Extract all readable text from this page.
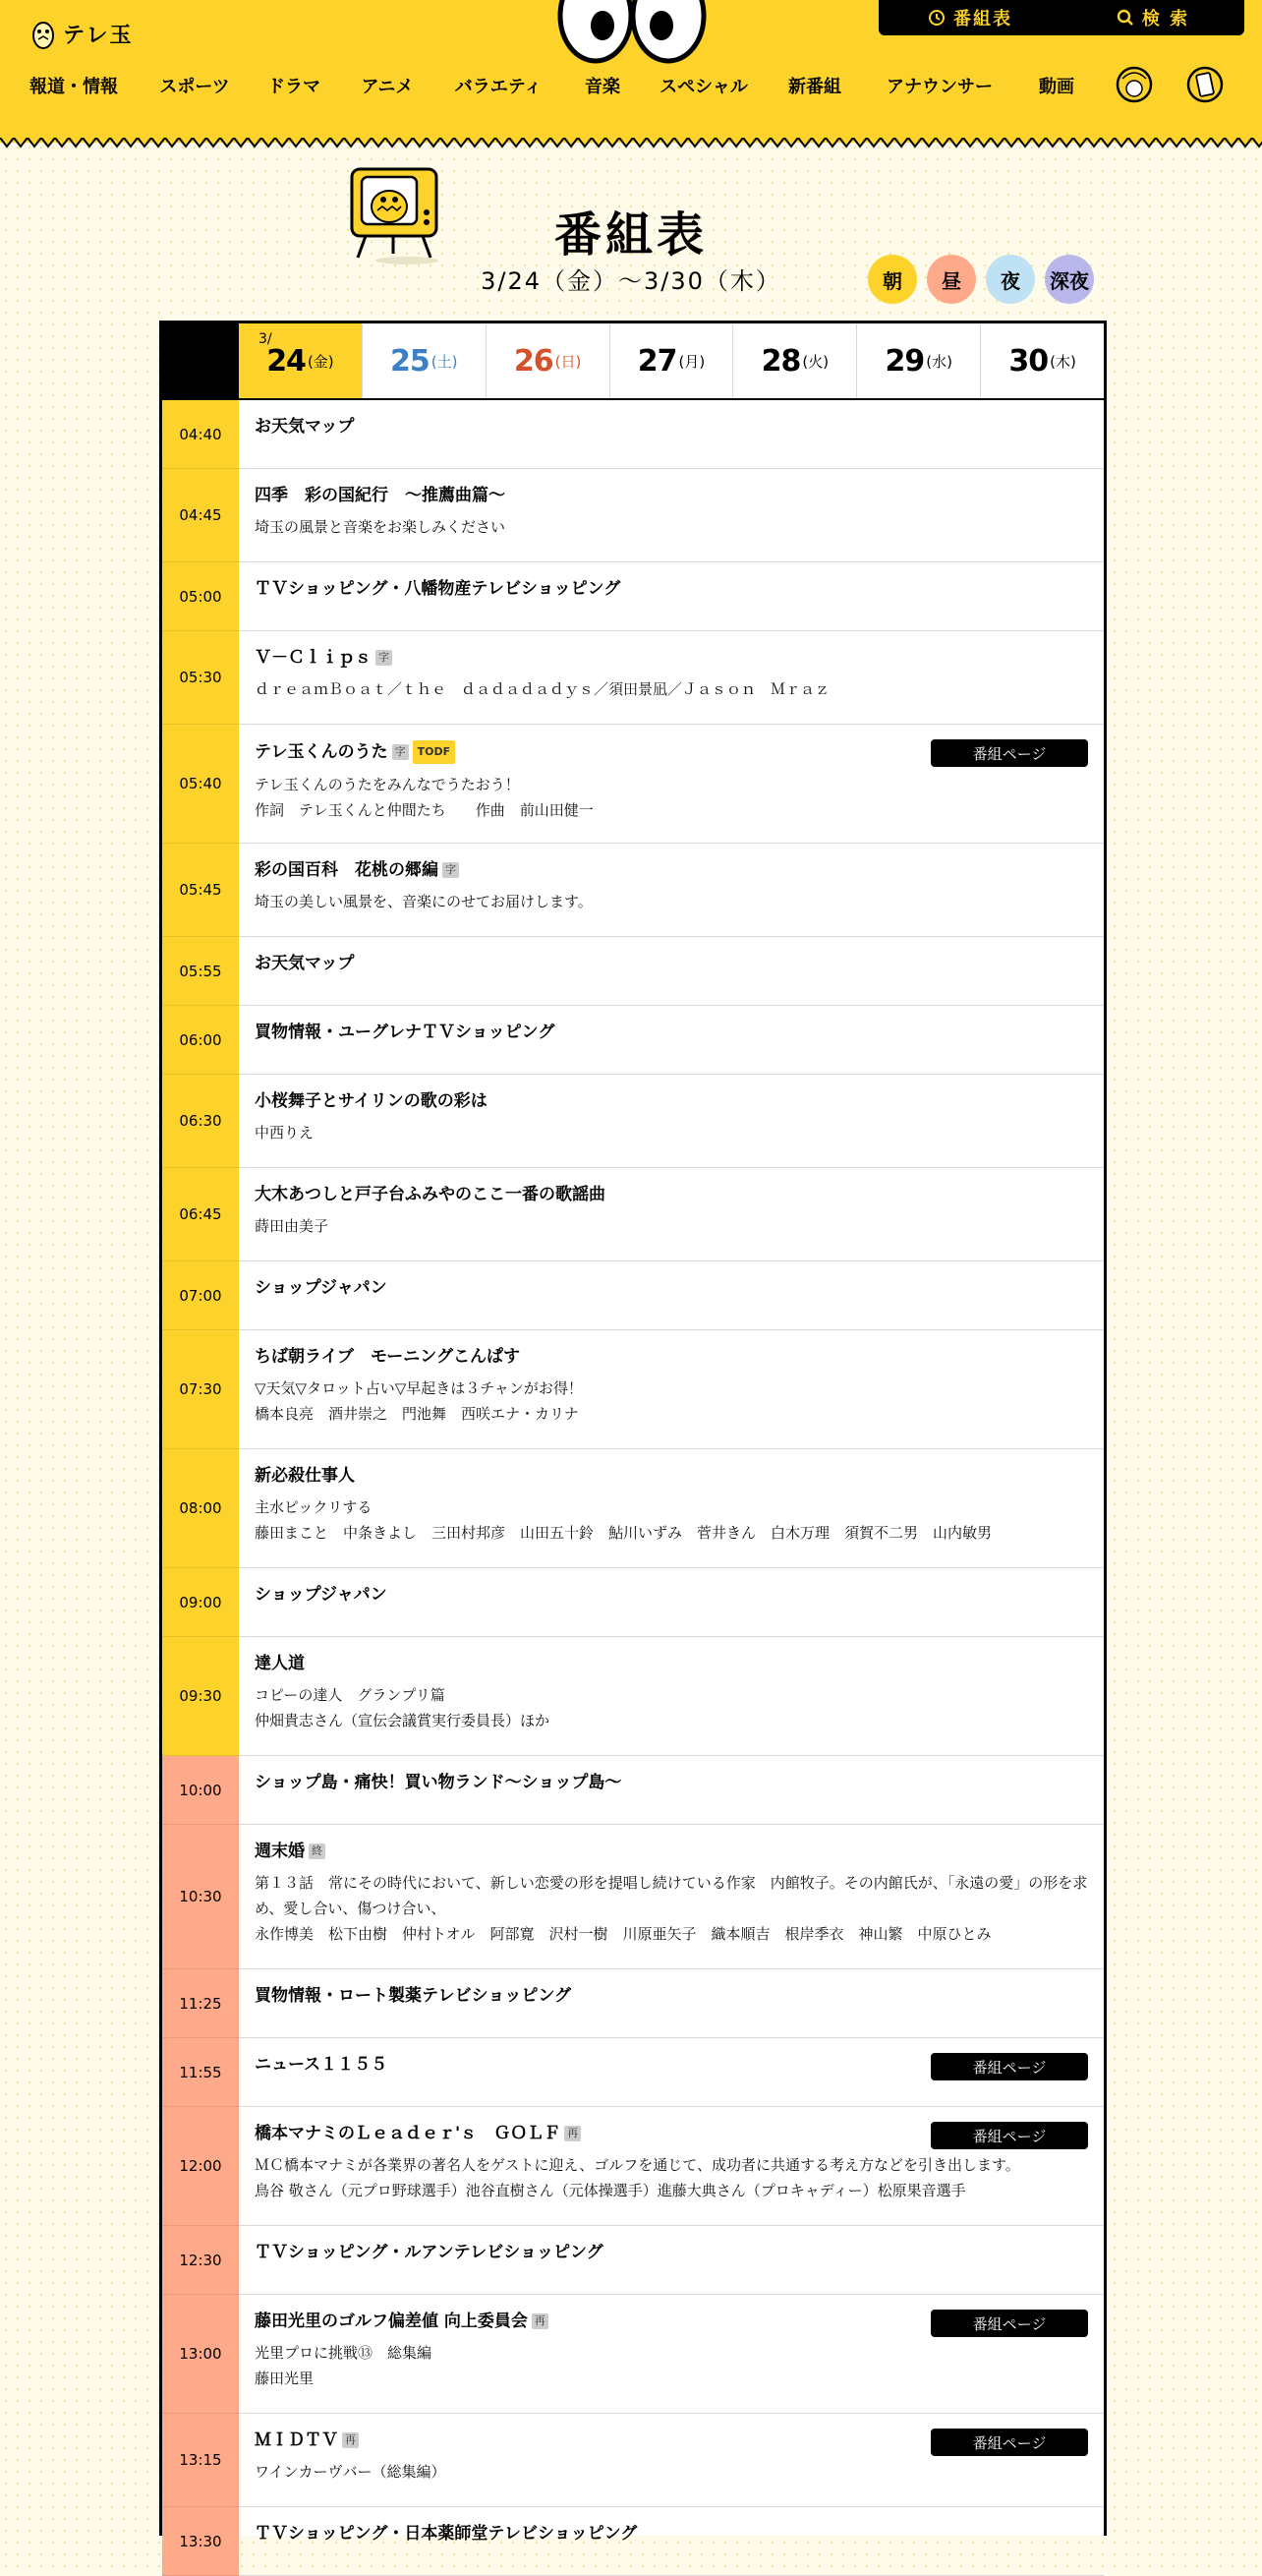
テレ玉
番組表	検 索
報道・情報 スポーツ ドラマ アニメ バラエティ 音楽 スペシャル 新番組	アナウンサー	動画
番組表
3/24（金）〜3/30（木）	朝	昼	夜	深夜
3/
24 (金) 25 (土) 26 (日) 27 (月) 28 (火) 29 (水) 30 (木)
04:40	お天気マップ
04:45
四季　彩の国紀行　～推薦曲篇～
埼玉の風景と音楽をお楽しみください
05:00	ＴＶショッピング・八幡物産テレビショッピング
05:30
Ｖ－Ｃｌｉｐｓ 字
ｄｒｅａｍＢｏａｔ／ｔｈｅ　ｄａｄａｄａｄｙｓ／須田景凪／Ｊａｓｏｎ　Ｍｒａｚ
05:40
テレ玉くんのうた 字	TODF	番組ページ
テレ玉くんのうたをみんなでうたおう！
作詞　テレ玉くんと仲間たち　　作曲　前山田健一
05:45
彩の国百科　花桃の郷編 字
埼玉の美しい風景を、音楽にのせてお届けします。
05:55	お天気マップ
06:00	買物情報・ユーグレナＴＶショッピング
06:30
小桜舞子とサイリンの歌の彩は
中西りえ
06:45
大木あつしと戸子台ふみやのここ一番の歌謡曲
蒔田由美子
07:00	ショップジャパン
07:30
ちば朝ライブ　モーニングこんぱす
▽天気▽タロット占い▽早起きは３チャンがお得！
橋本良亮　酒井崇之　門池舞　西咲エナ・カリナ
08:00
新必殺仕事人
主水ピックリする
藤田まこと　中条きよし　三田村邦彦　山田五十鈴　鮎川いずみ　菅井きん　白木万理　須賀不二男　山内敏男
09:00	ショップジャパン
09:30
達人道
コピーの達人　グランプリ篇
仲畑貴志さん（宣伝会議賞実行委員長）ほか
10:00	ショップ島・痛快！買い物ランド～ショップ島～
10:30
週末婚 終
第１３話　常にその時代において、新しい恋愛の形を提唱し続けている作家　内館牧子。その内館氏が、「永遠の愛」の形を求め、愛し合い、傷つけ合い、
永作博美　松下由樹　仲村トオル　阿部寛　沢村一樹　川原亜矢子　織本順吉　根岸季衣　神山繁　中原ひとみ
11:25	買物情報・ロート製薬テレビショッピング
11:55	ニュース１１５５	番組ページ
12:00
橋本マナミのＬｅａｄｅｒ'ｓ　ＧＯＬＦ 再	番組ページ
ＭＣ橋本マナミが各業界の著名人をゲストに迎え、ゴルフを通じて、成功者に共通する考え方などを引き出します。
鳥谷 敬さん（元プロ野球選手）池谷直樹さん（元体操選手）進藤大典さん（プロキャディー）松原果音選手
12:30	ＴＶショッピング・ルアンテレビショッピング
13:00
藤田光里のゴルフ偏差値 向上委員会 再	番組ページ
光里プロに挑戦⑬　総集編
藤田光里
13:15
ＭＩＤＴＶ 再	番組ページ
ワインカーヴバー（総集編）
13:30	ＴＶショッピング・日本薬師堂テレビショッピング
